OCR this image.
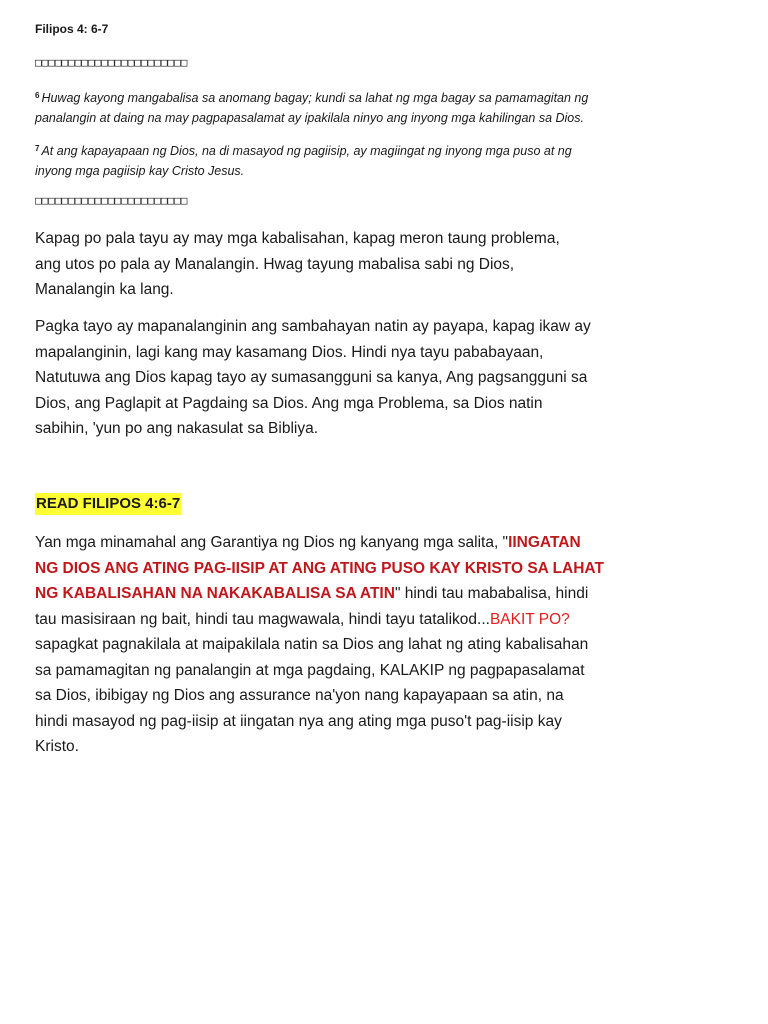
Filipos 4: 6-7

□□□□□□□□□□□□□□□□□□□□□□□

$^6$ Huwag kayong mangabalisa sa anomang bagay; kundi sa lahat ng mga bagay sa pamamagitan ng
panalangin at daing na may pagpapasalamat ay ipakilala ninyo ang inyong mga kahilingan sa Dios.

$^7$ At ang kapayapaan ng Dios, na di masayod ng pagiisip, ay magiingat ng inyong mga puso at ng
inyong mga pagiisip kay Cristo Jesus.

□□□□□□□□□□□□□□□□□□□□□□□

Kapag po pala tayu ay may mga kabalisahan, kapag meron taung problema,
ang utos po pala ay Manalangin. Hwag tayung mabalisa sabi ng Dios,
Manalangin ka lang.

Pagka tayo ay mapanalanginin ang sambahayan natin ay payapa, kapag ikaw ay
mapalanginin, lagi kang may kasamang Dios. Hindi nya tayu pababayaan,
Natutuwa ang Dios kapag tayo ay sumasangguni sa kanya, Ang pagsangguni sa
Dios, ang Paglapit at Pagdaing sa Dios. Ang mga Problema, sa Dios natin
sabihin, 'yun po ang nakasulat sa Bibliya.

READ FILIPOS 4:6-7

Yan mga minamahal ang Garantiya ng Dios ng kanyang mga salita, "IINGATAN
NG DIOS ANG ATING PAG-IISIP AT ANG ATING PUSO KAY KRISTO SA LAHAT
NG KABALISAHAN NA NAKAKABALISA SA ATIN" hindi tau mababalisa, hindi
tau masisiraan ng bait, hindi tau magwawala, hindi tayu tatalikod...BAKIT PO?
sapagkat pagnakilala at maipakilala natin sa Dios ang lahat ng ating kabalisahan
sa pamamagitan ng panalangin at mga pagdaing, KALAKIP ng pagpapasalamat
sa Dios, ibibigay ng Dios ang assurance na'yon nang kapayapaan sa atin, na
hindi masayod ng pag-iisip at iingatan nya ang ating mga puso't pag-iisip kay
Kristo.
